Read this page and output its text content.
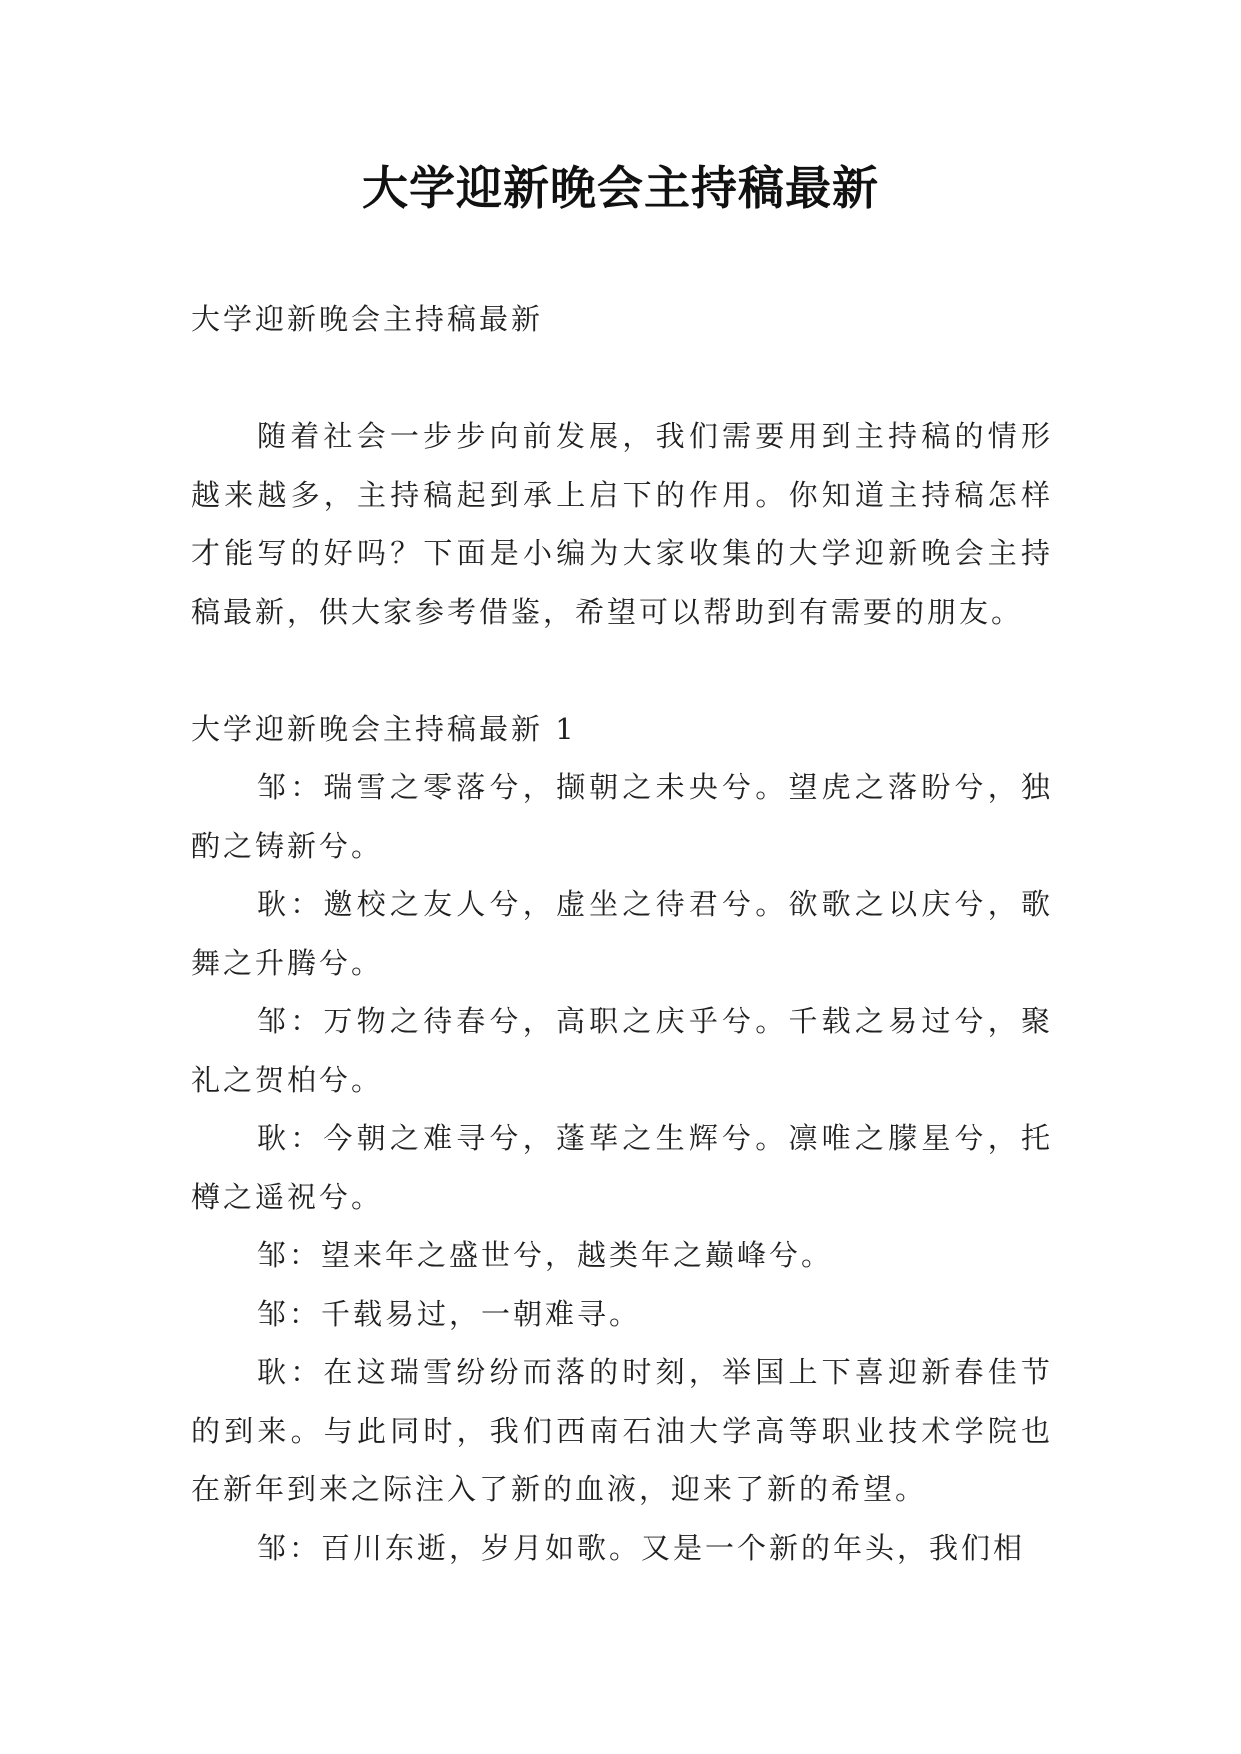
大学迎新晚会主持稿最新

大学迎新晚会主持稿最新

随着社会一步步向前发展，我们需要用到主持稿的情形越来越多，主持稿起到承上启下的作用。你知道主持稿怎样才能写的好吗？下面是小编为大家收集的大学迎新晚会主持稿最新，供大家参考借鉴，希望可以帮助到有需要的朋友。

大学迎新晚会主持稿最新 1

邹：瑞雪之零落兮，撷朝之未央兮。望虎之落盼兮，独酌之铸新兮。

耿：邀校之友人兮，虚坐之待君兮。欲歌之以庆兮，歌舞之升腾兮。

邹：万物之待春兮，高职之庆乎兮。千载之易过兮，聚礼之贺柏兮。

耿：今朝之难寻兮，蓬荜之生辉兮。凛唯之朦星兮，托樽之遥祝兮。

邹：望来年之盛世兮，越类年之巅峰兮。

邹：千载易过，一朝难寻。

耿：在这瑞雪纷纷而落的时刻，举国上下喜迎新春佳节的到来。与此同时，我们西南石油大学高等职业技术学院也在新年到来之际注入了新的血液，迎来了新的希望。

邹：百川东逝，岁月如歌。又是一个新的年头，我们相
